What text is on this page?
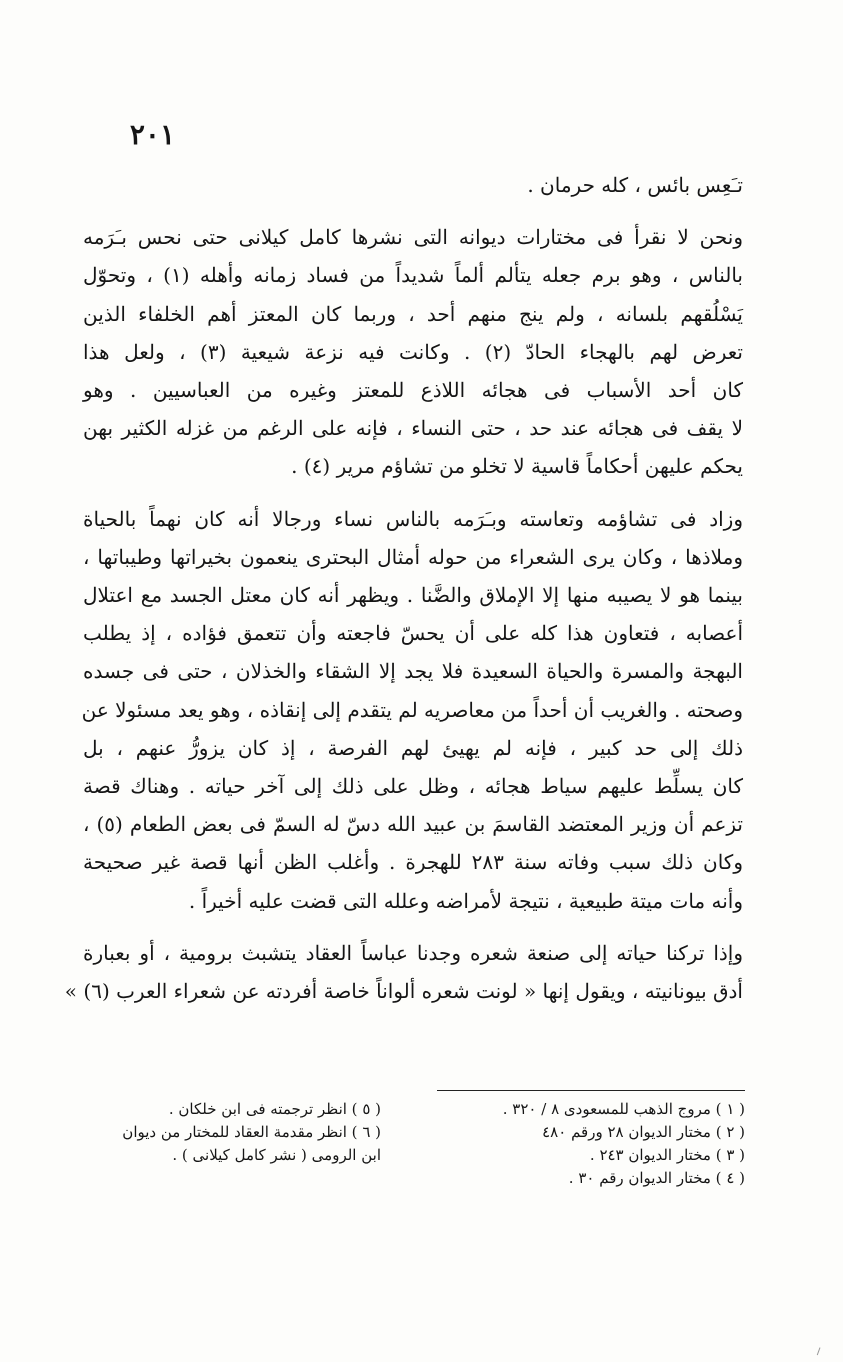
٢٠١

تـَعِس بائس ، كله حرمان .

ونحن لا نقرأ فى مختارات ديوانه التى نشرها كامل كيلانى حتى نحس بـَرَمه
بالناس ، وهو برم جعله يتألم ألماً شديداً من فساد زمانه وأهله (١) ، وتحوّل
يَسْلُقهم بلسانه ، ولم ينج منهم أحد ، وربما كان المعتز أهم الخلفاء الذين
تعرض لهم بالهجاء الحادّ (٢) . وكانت فيه نزعة شيعية (٣) ، ولعل هذا
كان أحد الأسباب فى هجائه اللاذع للمعتز وغيره من العباسيين . وهو
لا يقف فى هجائه عند حد ، حتى النساء ، فإنه على الرغم من غزله الكثير بهن
يحكم عليهن أحكاماً قاسية لا تخلو من تشاؤم مرير (٤) .

وزاد فى تشاؤمه وتعاسته وبـَرَمه بالناس نساء ورجالا أنه كان نهماً بالحياة
وملاذها ، وكان يرى الشعراء من حوله أمثال البحترى ينعمون بخيراتها وطيباتها ،
بينما هو لا يصيبه منها إلا الإملاق والضَّنا . ويظهر أنه كان معتل الجسد مع اعتلال
أعصابه ، فتعاون هذا كله على أن يحسّ فاجعته وأن تتعمق فؤاده ، إذ يطلب
البهجة والمسرة والحياة السعيدة فلا يجد إلا الشقاء والخذلان ، حتى فى جسده
وصحته . والغريب أن أحداً من معاصريه لم يتقدم إلى إنقاذه ، وهو يعد مسئولا عن
ذلك إلى حد كبير ، فإنه لم يهيئ لهم الفرصة ، إذ كان يزورُّ عنهم ، بل
كان يسلِّط عليهم سياط هجائه ، وظل على ذلك إلى آخر حياته . وهناك قصة
تزعم أن وزير المعتضد القاسمَ بن عبيد الله دسّ له السمّ فى بعض الطعام (٥) ،
وكان ذلك سبب وفاته سنة ٢٨٣ للهجرة . وأغلب الظن أنها قصة غير صحيحة
وأنه مات ميتة طبيعية ، نتيجة لأمراضه وعلله التى قضت عليه أخيراً .

وإذا تركنا حياته إلى صنعة شعره وجدنا عباساً العقاد يتشبث برومية ، أو بعبارة
أدق بيونانيته ، ويقول إنها « لونت شعره ألواناً خاصة أفردته عن شعراء العرب (٦) »

( ١ ) مروج الذهب للمسعودى ٨ / ٣٢٠ .
( ٢ ) مختار الديوان ٢٨ ورقم ٤٨٠
( ٣ ) مختار الديوان ٢٤٣ .
( ٤ ) مختار الديوان رقم ٣٠ .
( ٥ ) انظر ترجمته فى ابن خلكان .
( ٦ ) انظر مقدمة العقاد للمختار من ديوان
ابن الرومى ( نشر كامل كيلانى ) .
